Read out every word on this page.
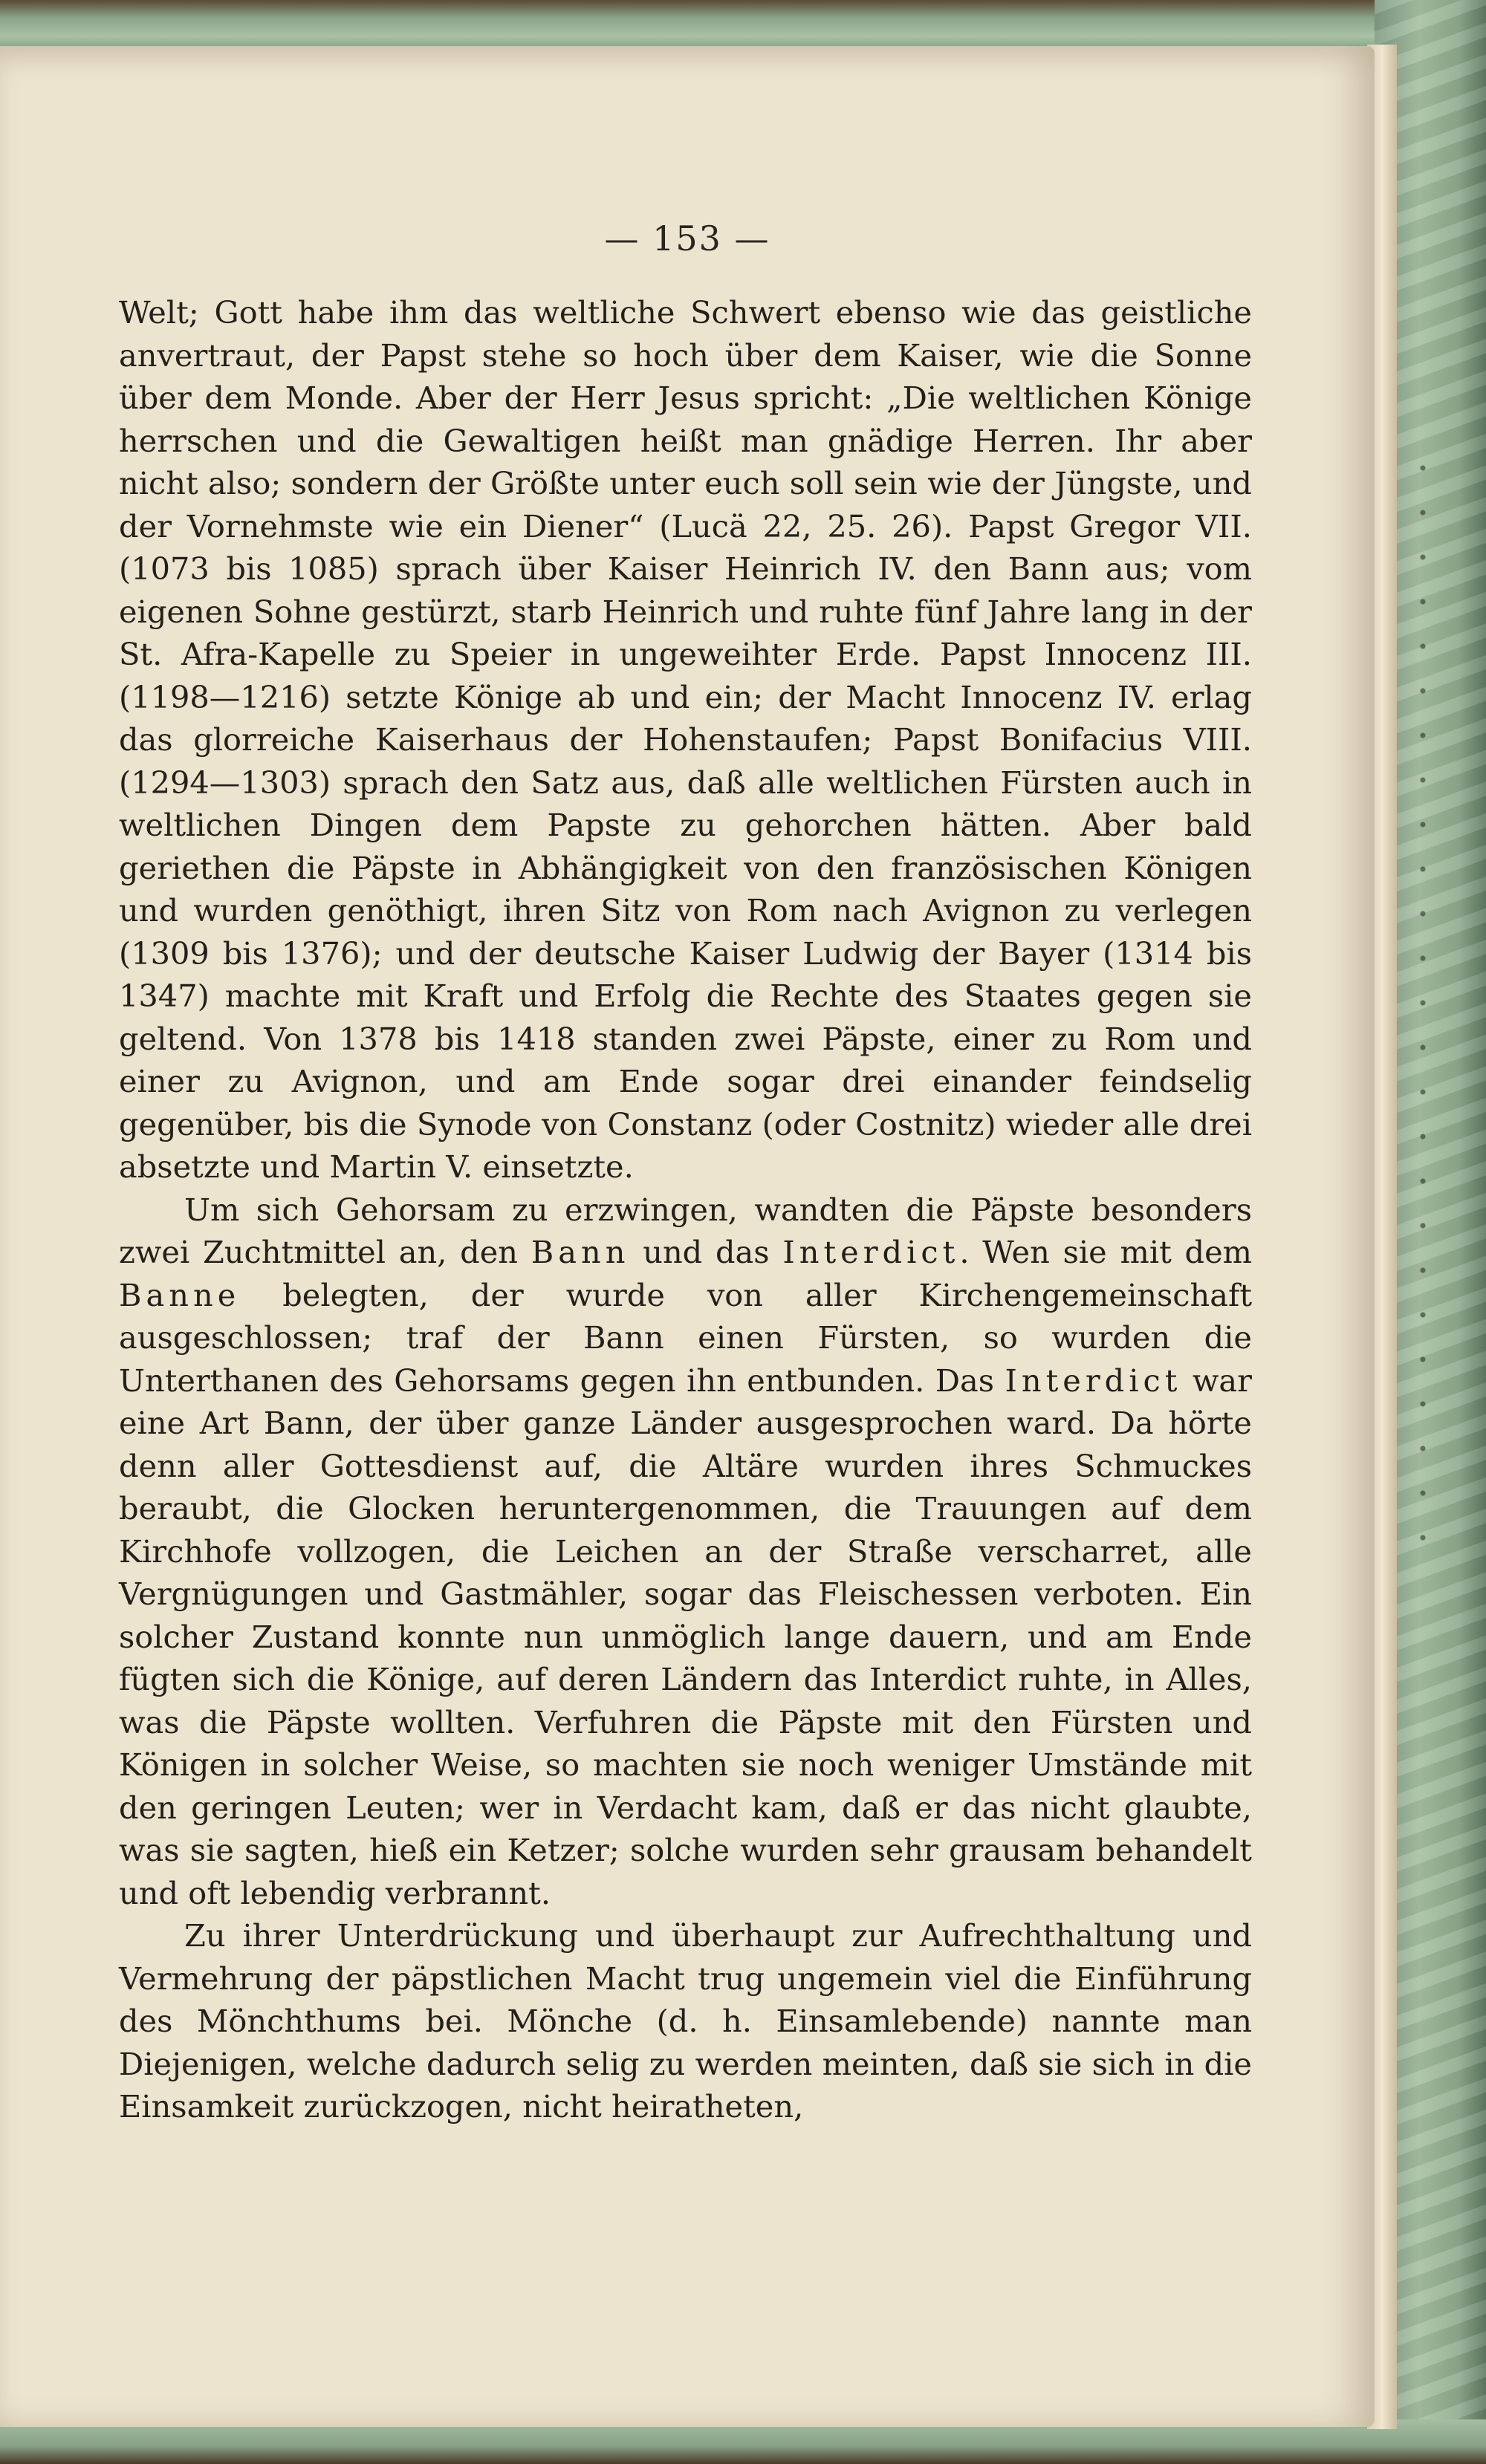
— 153 —

Welt; Gott habe ihm das weltliche Schwert ebenso wie das geistliche anvertraut, der Papst stehe so hoch über dem Kaiser, wie die Sonne über dem Monde. Aber der Herr Jesus spricht: „Die weltlichen Könige herrschen und die Gewaltigen heißt man gnädige Herren. Ihr aber nicht also; sondern der Größte unter euch soll sein wie der Jüngste, und der Vornehmste wie ein Diener“ (Lucä 22, 25. 26). Papst Gregor VII. (1073 bis 1085) sprach über Kaiser Heinrich IV. den Bann aus; vom eigenen Sohne gestürzt, starb Heinrich und ruhte fünf Jahre lang in der St. Afra-Kapelle zu Speier in ungeweihter Erde. Papst Innocenz III. (1198—1216) setzte Könige ab und ein; der Macht Innocenz IV. erlag das glorreiche Kaiserhaus der Hohenstaufen; Papst Bonifacius VIII. (1294—1303) sprach den Satz aus, daß alle weltlichen Fürsten auch in weltlichen Dingen dem Papste zu gehorchen hätten. Aber bald geriethen die Päpste in Abhängigkeit von den französischen Königen und wurden genöthigt, ihren Sitz von Rom nach Avignon zu verlegen (1309 bis 1376); und der deutsche Kaiser Ludwig der Bayer (1314 bis 1347) machte mit Kraft und Erfolg die Rechte des Staates gegen sie geltend. Von 1378 bis 1418 standen zwei Päpste, einer zu Rom und einer zu Avignon, und am Ende sogar drei einander feindselig gegenüber, bis die Synode von Constanz (oder Costnitz) wieder alle drei absetzte und Martin V. einsetzte.

Um sich Gehorsam zu erzwingen, wandten die Päpste besonders zwei Zuchtmittel an, den Bann und das Interdict. Wen sie mit dem Banne belegten, der wurde von aller Kirchengemeinschaft ausgeschlossen; traf der Bann einen Fürsten, so wurden die Unterthanen des Gehorsams gegen ihn entbunden. Das Interdict war eine Art Bann, der über ganze Länder ausgesprochen ward. Da hörte denn aller Gottesdienst auf, die Altäre wurden ihres Schmuckes beraubt, die Glocken heruntergenommen, die Trauungen auf dem Kirchhofe vollzogen, die Leichen an der Straße verscharret, alle Vergnügungen und Gastmähler, sogar das Fleischessen verboten. Ein solcher Zustand konnte nun unmöglich lange dauern, und am Ende fügten sich die Könige, auf deren Ländern das Interdict ruhte, in Alles, was die Päpste wollten. Verfuhren die Päpste mit den Fürsten und Königen in solcher Weise, so machten sie noch weniger Umstände mit den geringen Leuten; wer in Verdacht kam, daß er das nicht glaubte, was sie sagten, hieß ein Ketzer; solche wurden sehr grausam behandelt und oft lebendig verbrannt.

Zu ihrer Unterdrückung und überhaupt zur Aufrechthaltung und Vermehrung der päpstlichen Macht trug ungemein viel die Einführung des Mönchthums bei. Mönche (d. h. Einsamlebende) nannte man Diejenigen, welche dadurch selig zu werden meinten, daß sie sich in die Einsamkeit zurückzogen, nicht heiratheten,
